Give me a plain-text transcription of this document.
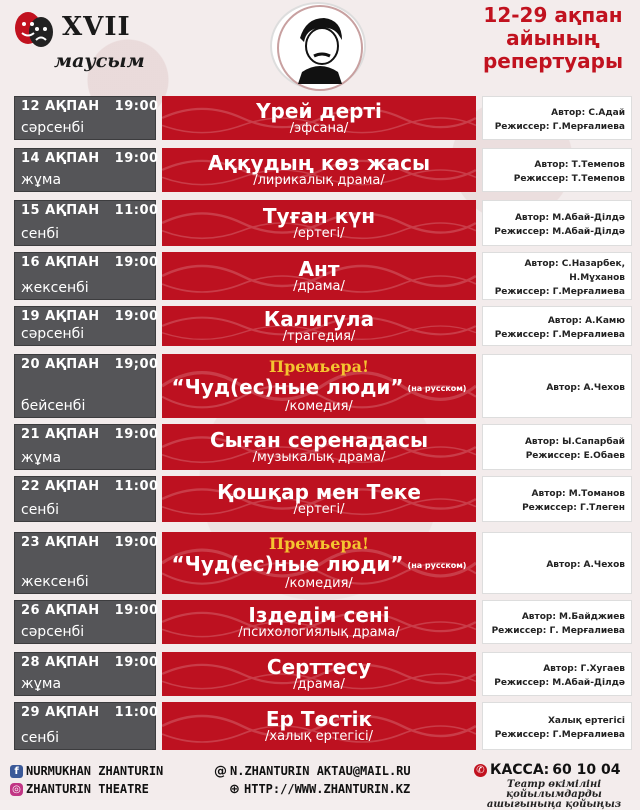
XVII
маусым
12-29 ақпан
айының
репертуары
12 АҚПАН 19:00
сәрсенбі
Үрей дерті
/эфсана/
Автор: С.Адай
Режиссер: Г.Мерғалиева
14 АҚПАН 19:00
жұма
Аққудың көз жасы
/лирикалық драма/
Автор: Т.Темепов
Режиссер: Т.Темепов
15 АҚПАН 11:00
сенбі
Туған күн
/ертегі/
Автор: М.Абай-Ділдә
Режиссер: М.Абай-Ділдә
16 АҚПАН 19:00
жексенбі
Ант
/драма/
Автор: С.Назарбек,
Н.Мұханов
Режиссер: Г.Мерғалиева
19 АҚПАН 19:00
сәрсенбі
Калигула
/трагедия/
Автор: А.Камю
Режиссер: Г.Мерғалиева
20 АҚПАН 19;00
бейсенбі
Премьера!
“Чуд(ес)ные люди” (на русском)
/комедия/
Автор: А.Чехов
21 АҚПАН 19:00
жұма
Сыған серенадасы
/музыкалық драма/
Автор: Ы.Сапарбай
Режиссер: Е.Обаев
22 АҚПАН 11:00
сенбі
Қошқар мен Теке
/ертегі/
Автор: М.Томанов
Режиссер: Г.Тлеген
23 АҚПАН 19:00
жексенбі
Премьера!
“Чуд(ес)ные люди” (на русском)
/комедия/
Автор: А.Чехов
26 АҚПАН 19:00
сәрсенбі
Іздедім сені
/психологиялық драма/
Автор: М.Байджиев
Режиссер: Г. Мерғалиева
28 АҚПАН 19:00
жұма
Серттесу
/драма/
Автор: Г.Хугаев
Режиссер: М.Абай-Ділдә
29 АҚПАН 11:00
сенбі
Ер Төстік
/халық ертегісі/
Халық ертегісі
Режиссер: Г.Мерғалиева
f NURMUKHAN ZHANTURIN
◎ ZHANTURIN THEATRE
@ N.ZHANTURIN AKTAU@MAIL.RU
⊕ HTTP://WWW.ZHANTURIN.KZ
✆ КАССА: 60 10 04
Театр өкіміліні қойылымдарды ашығыныңа қойыңыз
